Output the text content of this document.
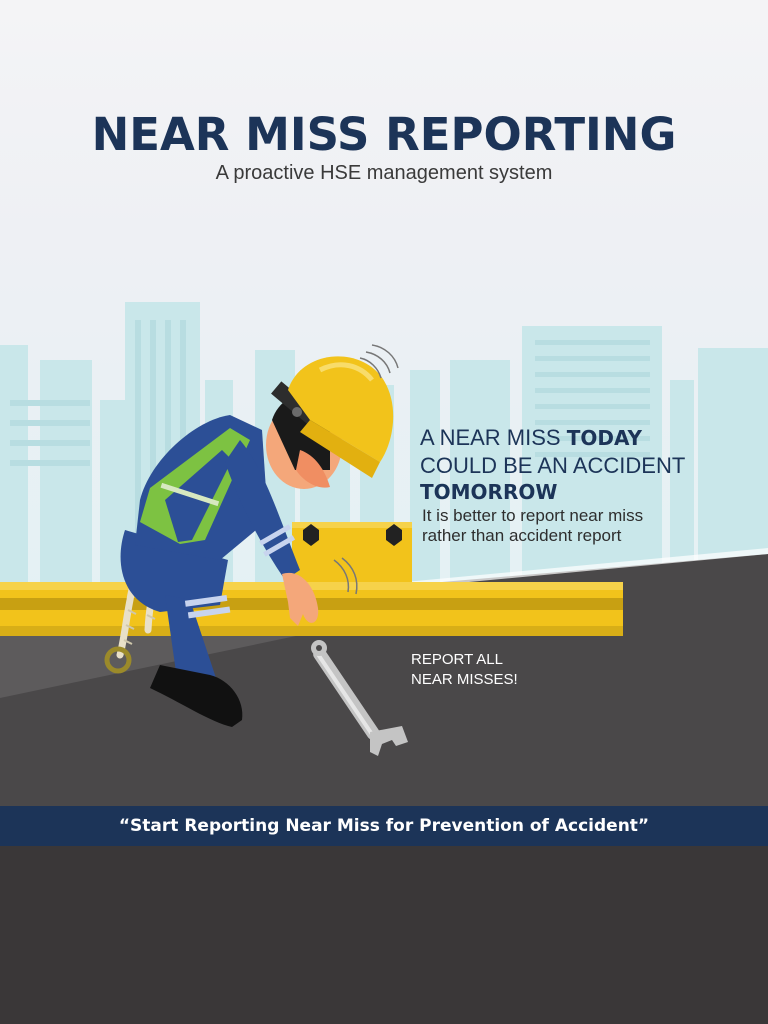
NEAR MISS REPORTING
A proactive HSE management system
A NEAR MISS TODAY
COULD BE AN ACCIDENT
TOMORROW
It is better to report near miss
rather than accident report
REPORT ALL
NEAR MISSES!
“Start Reporting Near Miss for Prevention of Accident”
